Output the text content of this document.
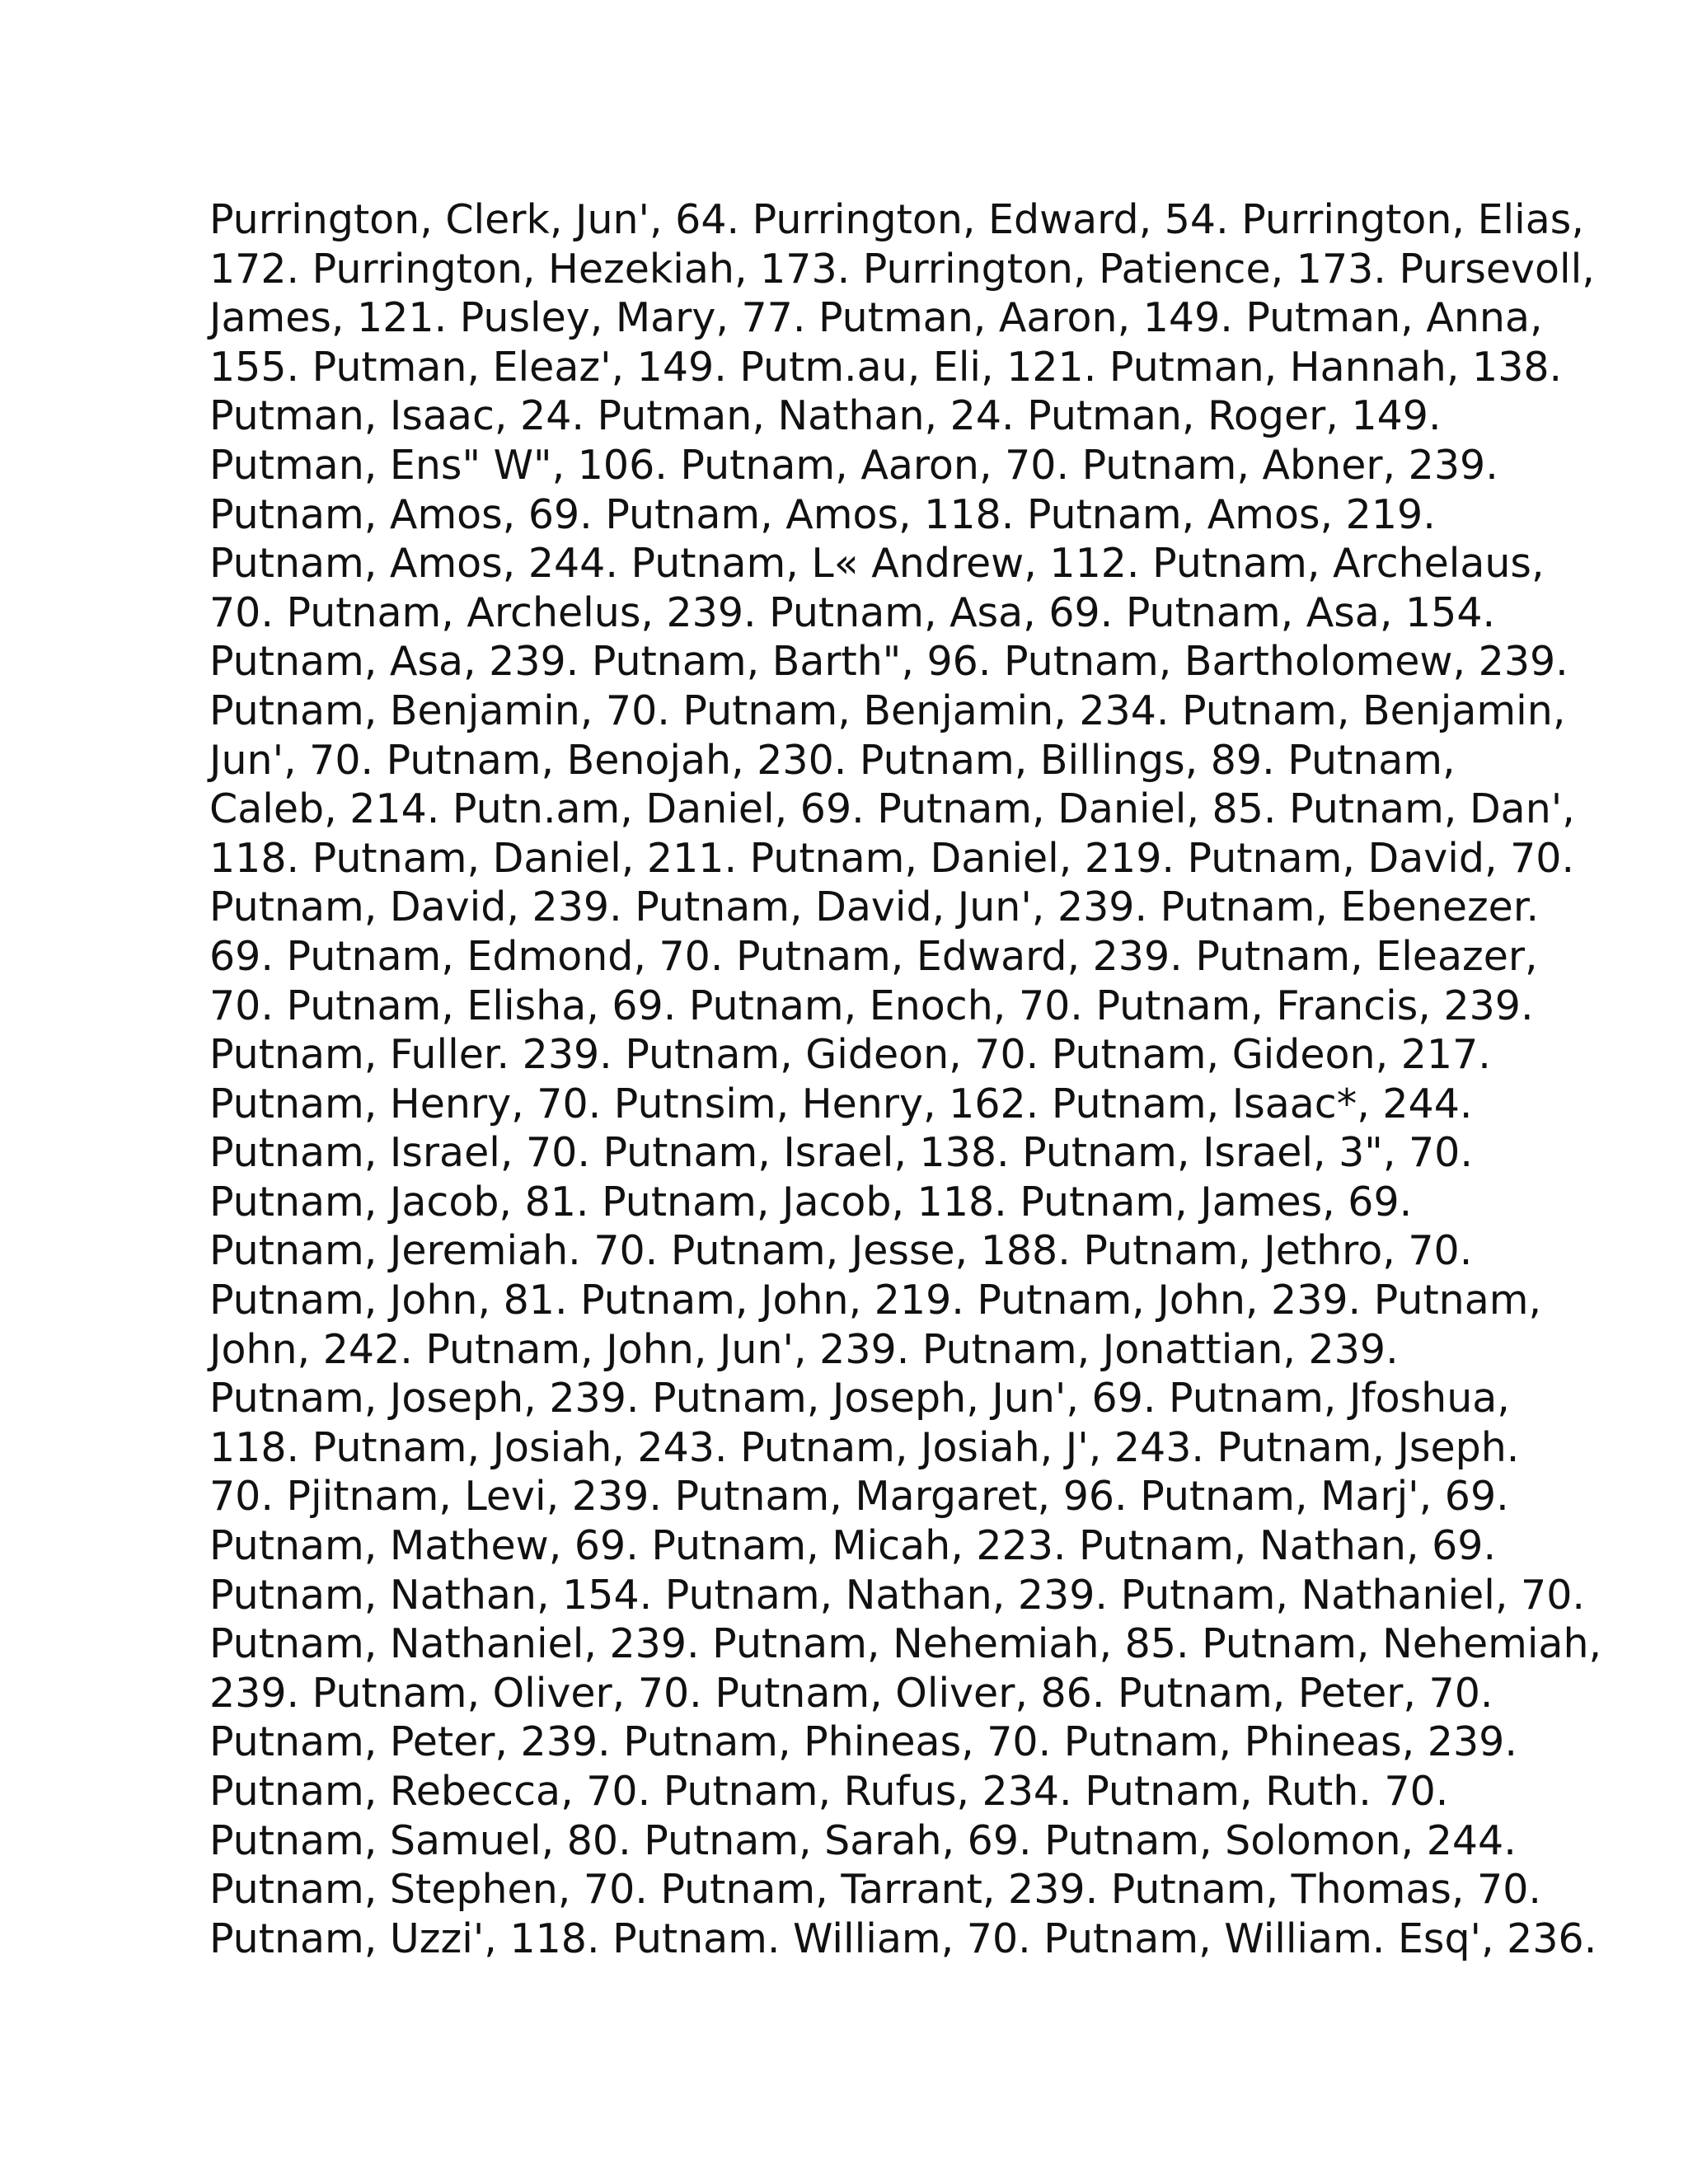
Purrington, Clerk, Jun', 64. Purrington, Edward, 54. Purrington, Elias,
172. Purrington, Hezekiah, 173. Purrington, Patience, 173. Pursevoll,
James, 121. Pusley, Mary, 77. Putman, Aaron, 149. Putman, Anna,
155. Putman, Eleaz', 149. Putm.au, Eli, 121. Putman, Hannah, 138.
Putman, Isaac, 24. Putman, Nathan, 24. Putman, Roger, 149.
Putman, Ens" W", 106. Putnam, Aaron, 70. Putnam, Abner, 239.
Putnam, Amos, 69. Putnam, Amos, 118. Putnam, Amos, 219.
Putnam, Amos, 244. Putnam, L« Andrew, 112. Putnam, Archelaus,
70. Putnam, Archelus, 239. Putnam, Asa, 69. Putnam, Asa, 154.
Putnam, Asa, 239. Putnam, Barth", 96. Putnam, Bartholomew, 239.
Putnam, Benjamin, 70. Putnam, Benjamin, 234. Putnam, Benjamin,
Jun', 70. Putnam, Benojah, 230. Putnam, Billings, 89. Putnam,
Caleb, 214. Putn.am, Daniel, 69. Putnam, Daniel, 85. Putnam, Dan',
118. Putnam, Daniel, 211. Putnam, Daniel, 219. Putnam, David, 70.
Putnam, David, 239. Putnam, David, Jun', 239. Putnam, Ebenezer.
69. Putnam, Edmond, 70. Putnam, Edward, 239. Putnam, Eleazer,
70. Putnam, Elisha, 69. Putnam, Enoch, 70. Putnam, Francis, 239.
Putnam, Fuller. 239. Putnam, Gideon, 70. Putnam, Gideon, 217.
Putnam, Henry, 70. Putnsim, Henry, 162. Putnam, Isaac*, 244.
Putnam, Israel, 70. Putnam, Israel, 138. Putnam, Israel, 3", 70.
Putnam, Jacob, 81. Putnam, Jacob, 118. Putnam, James, 69.
Putnam, Jeremiah. 70. Putnam, Jesse, 188. Putnam, Jethro, 70.
Putnam, John, 81. Putnam, John, 219. Putnam, John, 239. Putnam,
John, 242. Putnam, John, Jun', 239. Putnam, Jonattian, 239.
Putnam, Joseph, 239. Putnam, Joseph, Jun', 69. Putnam, Jfoshua,
118. Putnam, Josiah, 243. Putnam, Josiah, J', 243. Putnam, Jseph.
70. Pjitnam, Levi, 239. Putnam, Margaret, 96. Putnam, Marj', 69.
Putnam, Mathew, 69. Putnam, Micah, 223. Putnam, Nathan, 69.
Putnam, Nathan, 154. Putnam, Nathan, 239. Putnam, Nathaniel, 70.
Putnam, Nathaniel, 239. Putnam, Nehemiah, 85. Putnam, Nehemiah,
239. Putnam, Oliver, 70. Putnam, Oliver, 86. Putnam, Peter, 70.
Putnam, Peter, 239. Putnam, Phineas, 70. Putnam, Phineas, 239.
Putnam, Rebecca, 70. Putnam, Rufus, 234. Putnam, Ruth. 70.
Putnam, Samuel, 80. Putnam, Sarah, 69. Putnam, Solomon, 244.
Putnam, Stephen, 70. Putnam, Tarrant, 239. Putnam, Thomas, 70.
Putnam, Uzzi', 118. Putnam. William, 70. Putnam, William. Esq', 236.
